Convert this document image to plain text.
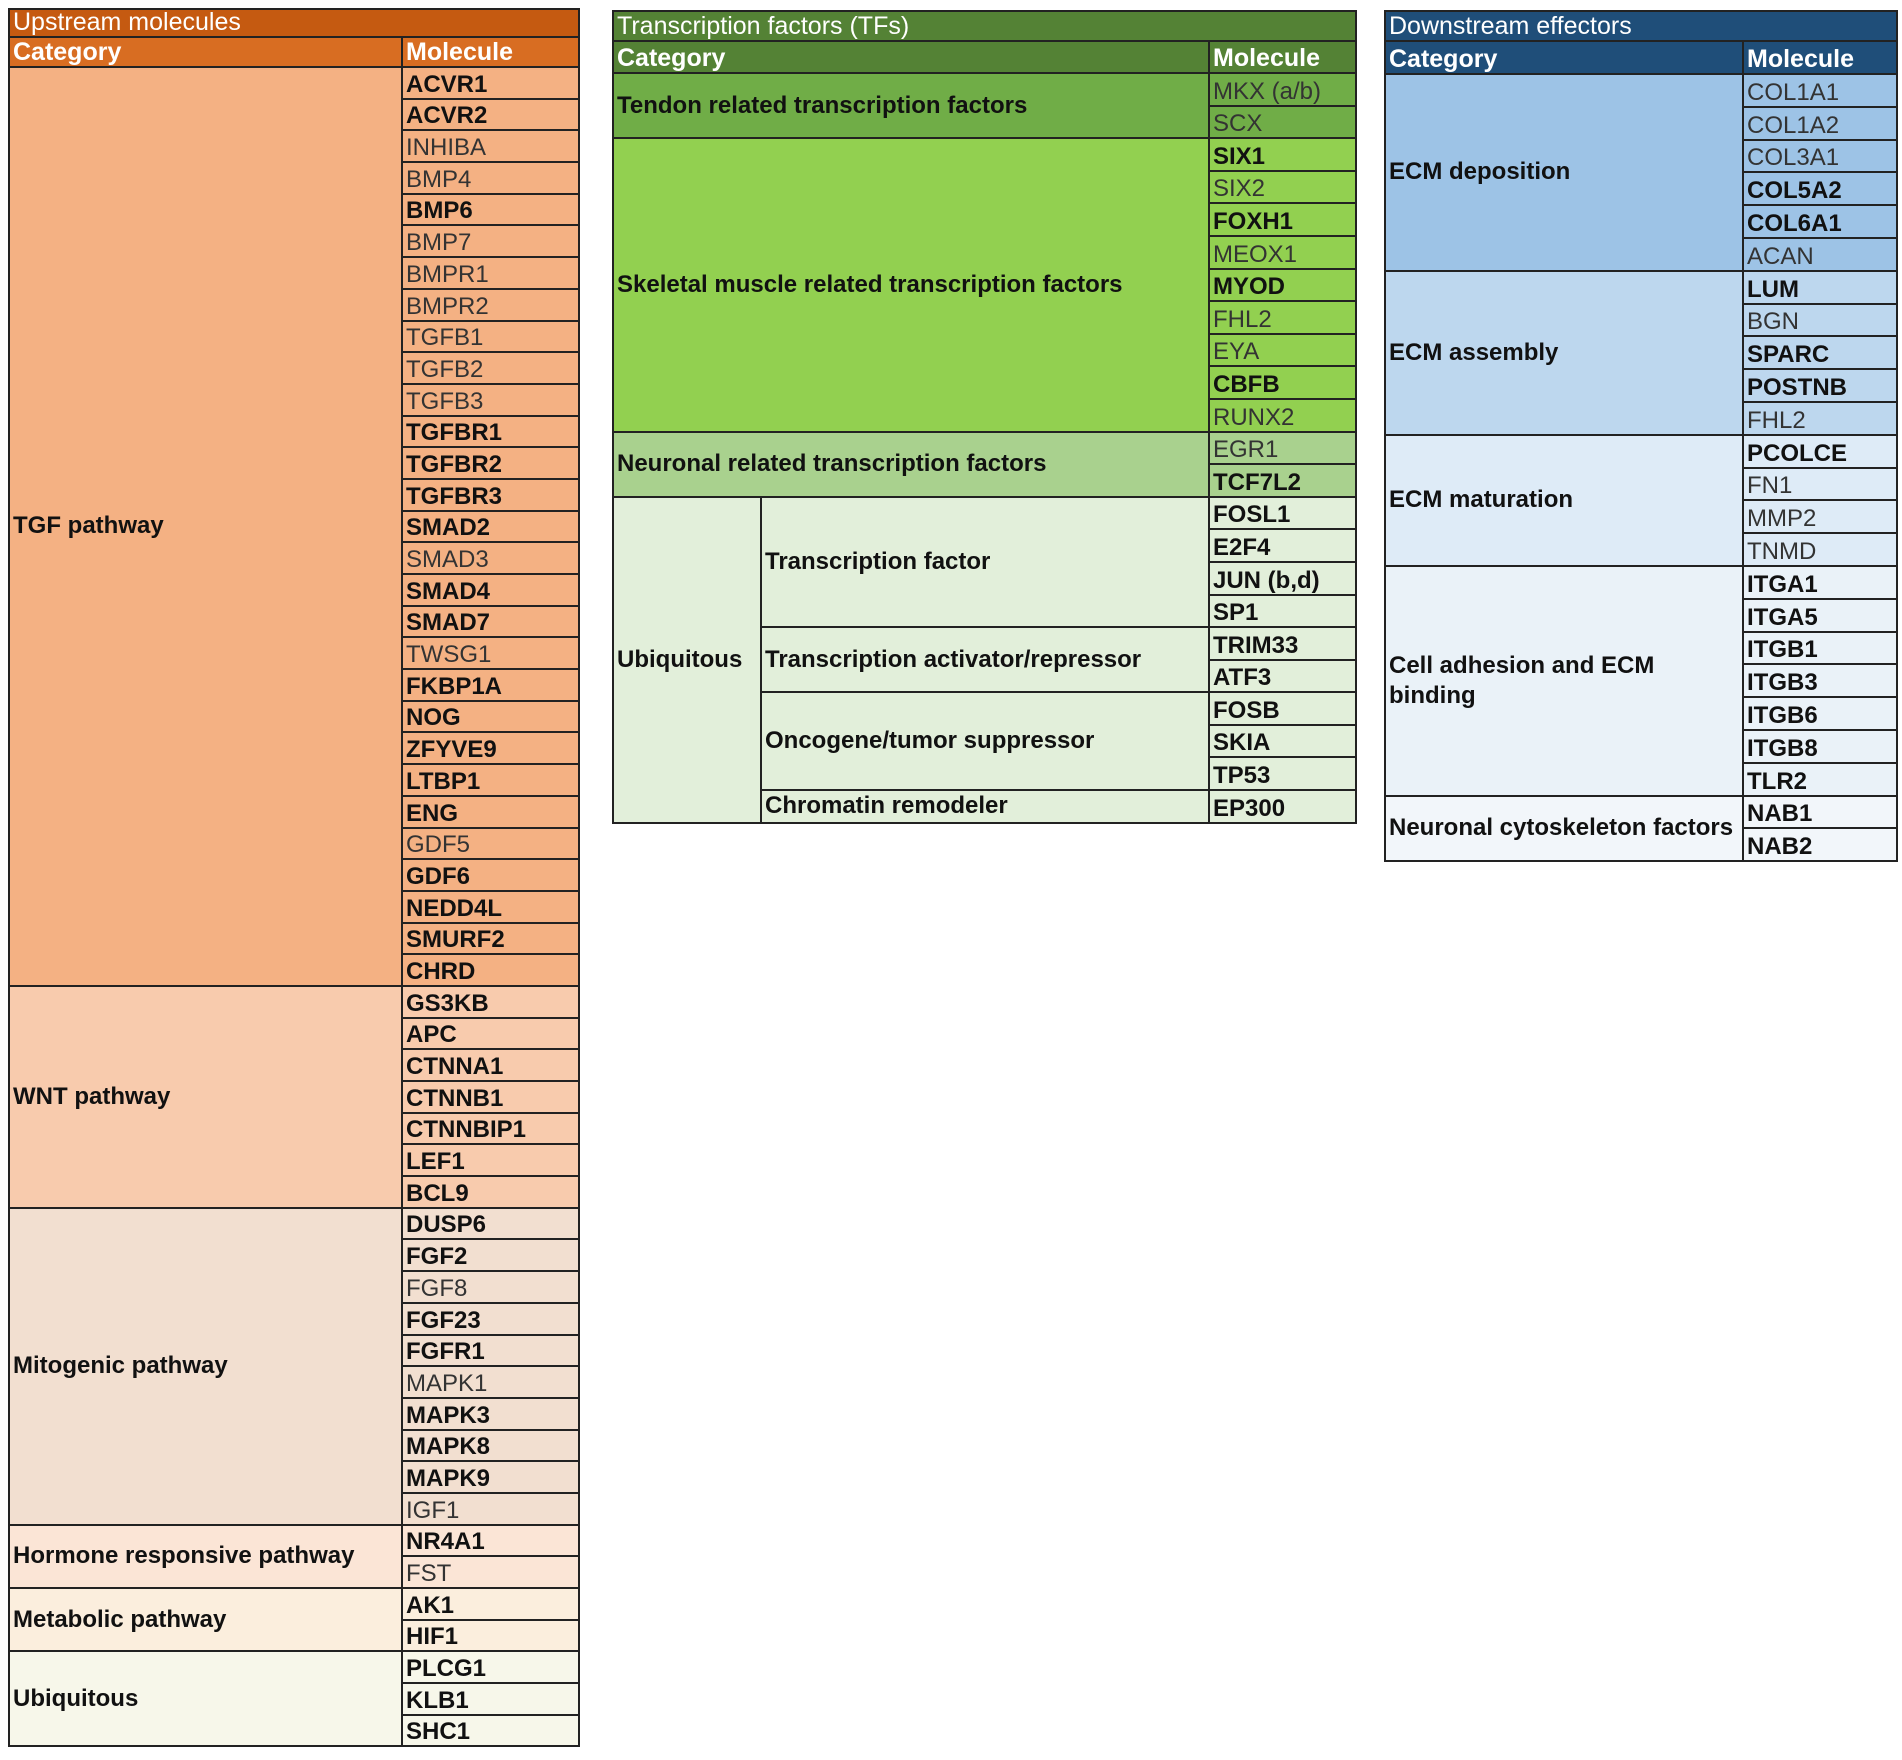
Upstream molecules	
Category	Molecule
TGF pathway	ACVR1
	ACVR2
	INHIBA
	BMP4
	BMP6
	BMP7
	BMPR1
	BMPR2
	TGFB1
	TGFB2
	TGFB3
	TGFBR1
	TGFBR2
	TGFBR3
	SMAD2
	SMAD3
	SMAD4
	SMAD7
	TWSG1
	FKBP1A
	NOG
	ZFYVE9
	LTBP1
	ENG
	GDF5
	GDF6
	NEDD4L
	SMURF2
	CHRD
WNT pathway	GS3KB
	APC
	CTNNA1
	CTNNB1
	CTNNBIP1
	LEF1
	BCL9
Mitogenic pathway	DUSP6
	FGF2
	FGF8
	FGF23
	FGFR1
	MAPK1
	MAPK3
	MAPK8
	MAPK9
	IGF1
Hormone responsive pathway	NR4A1
	FST
Metabolic pathway	AK1
	HIF1
Ubiquitous	PLCG1
	KLB1
	SHC1
Transcription factors (TFs)		
Category		Molecule
Tendon related transcription factors		MKX (a/b)
		SCX
Skeletal muscle related transcription factors		SIX1
		SIX2
		FOXH1
		MEOX1
		MYOD
		FHL2
		EYA
		CBFB
		RUNX2
Neuronal related transcription factors		EGR1
		TCF7L2
Ubiquitous	Transcription factor	FOSL1
		E2F4
		JUN (b,d)
		SP1
	Transcription activator/repressor	TRIM33
		ATF3
	Oncogene/tumor suppressor	FOSB
		SKIA
		TP53
	Chromatin remodeler	EP300
Downstream effectors	
Category	Molecule
ECM deposition	COL1A1
	COL1A2
	COL3A1
	COL5A2
	COL6A1
	ACAN
ECM assembly	LUM
	BGN
	SPARC
	POSTNB
	FHL2
ECM maturation	PCOLCE
	FN1
	MMP2
	TNMD
Cell adhesion and ECM binding	ITGA1
	ITGA5
	ITGB1
	ITGB3
	ITGB6
	ITGB8
	TLR2
Neuronal cytoskeleton factors	NAB1
	NAB2
